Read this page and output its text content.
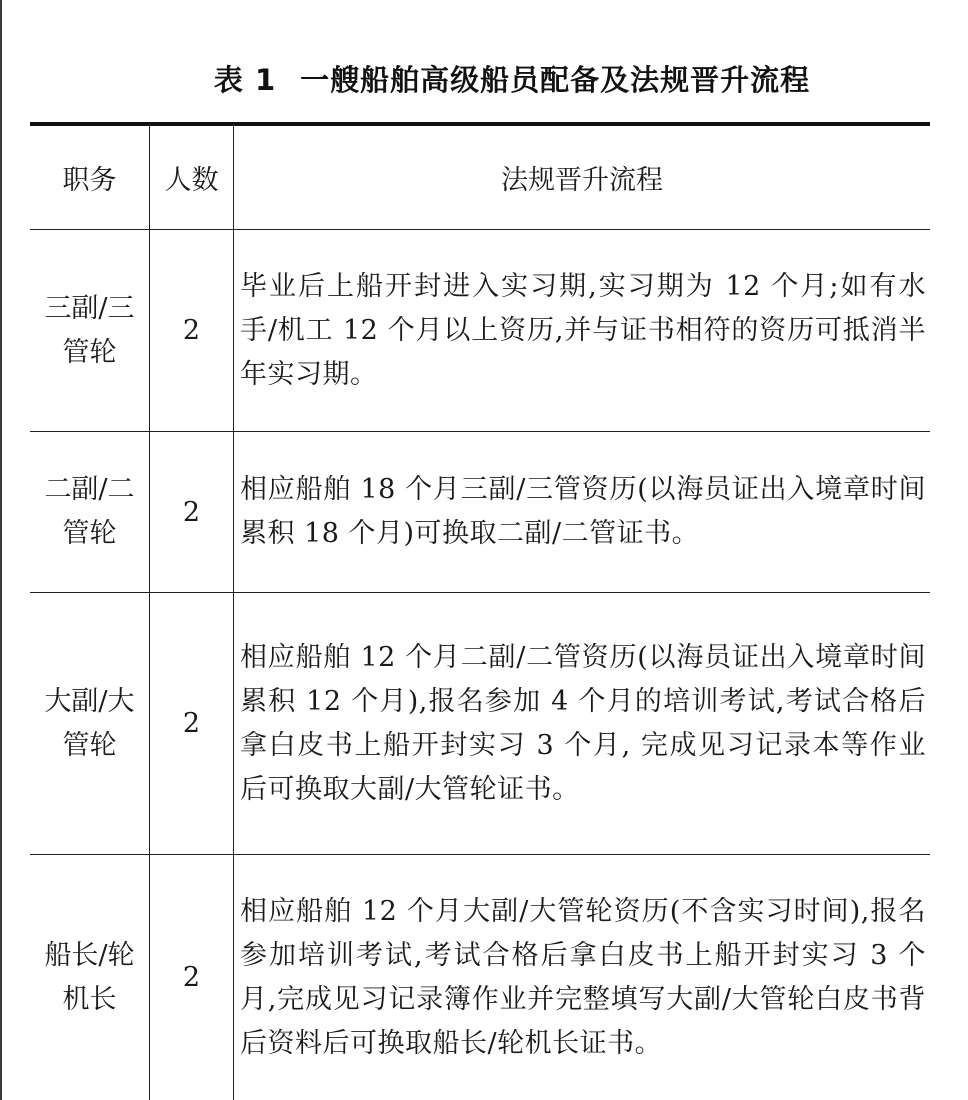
表 1 一艘船舶高级船员配备及法规晋升流程
职务	人数	法规晋升流程
三副/三管轮
2
毕业后上船开封进入实习期,实习期为 12 个月;如有水手/机工 12 个月以上资历,并与证书相符的资历可抵消半年实习期。
二副/二管轮
2
相应船舶 18 个月三副/三管资历(以海员证出入境章时间累积 18 个月)可换取二副/二管证书。
大副/大管轮
2
相应船舶 12 个月二副/二管资历(以海员证出入境章时间累积 12 个月),报名参加 4 个月的培训考试,考试合格后拿白皮书上船开封实习 3 个月, 完成见习记录本等作业后可换取大副/大管轮证书。
船长/轮机长
2
相应船舶 12 个月大副/大管轮资历(不含实习时间),报名参加培训考试,考试合格后拿白皮书上船开封实习 3 个月,完成见习记录簿作业并完整填写大副/大管轮白皮书背后资料后可换取船长/轮机长证书。
